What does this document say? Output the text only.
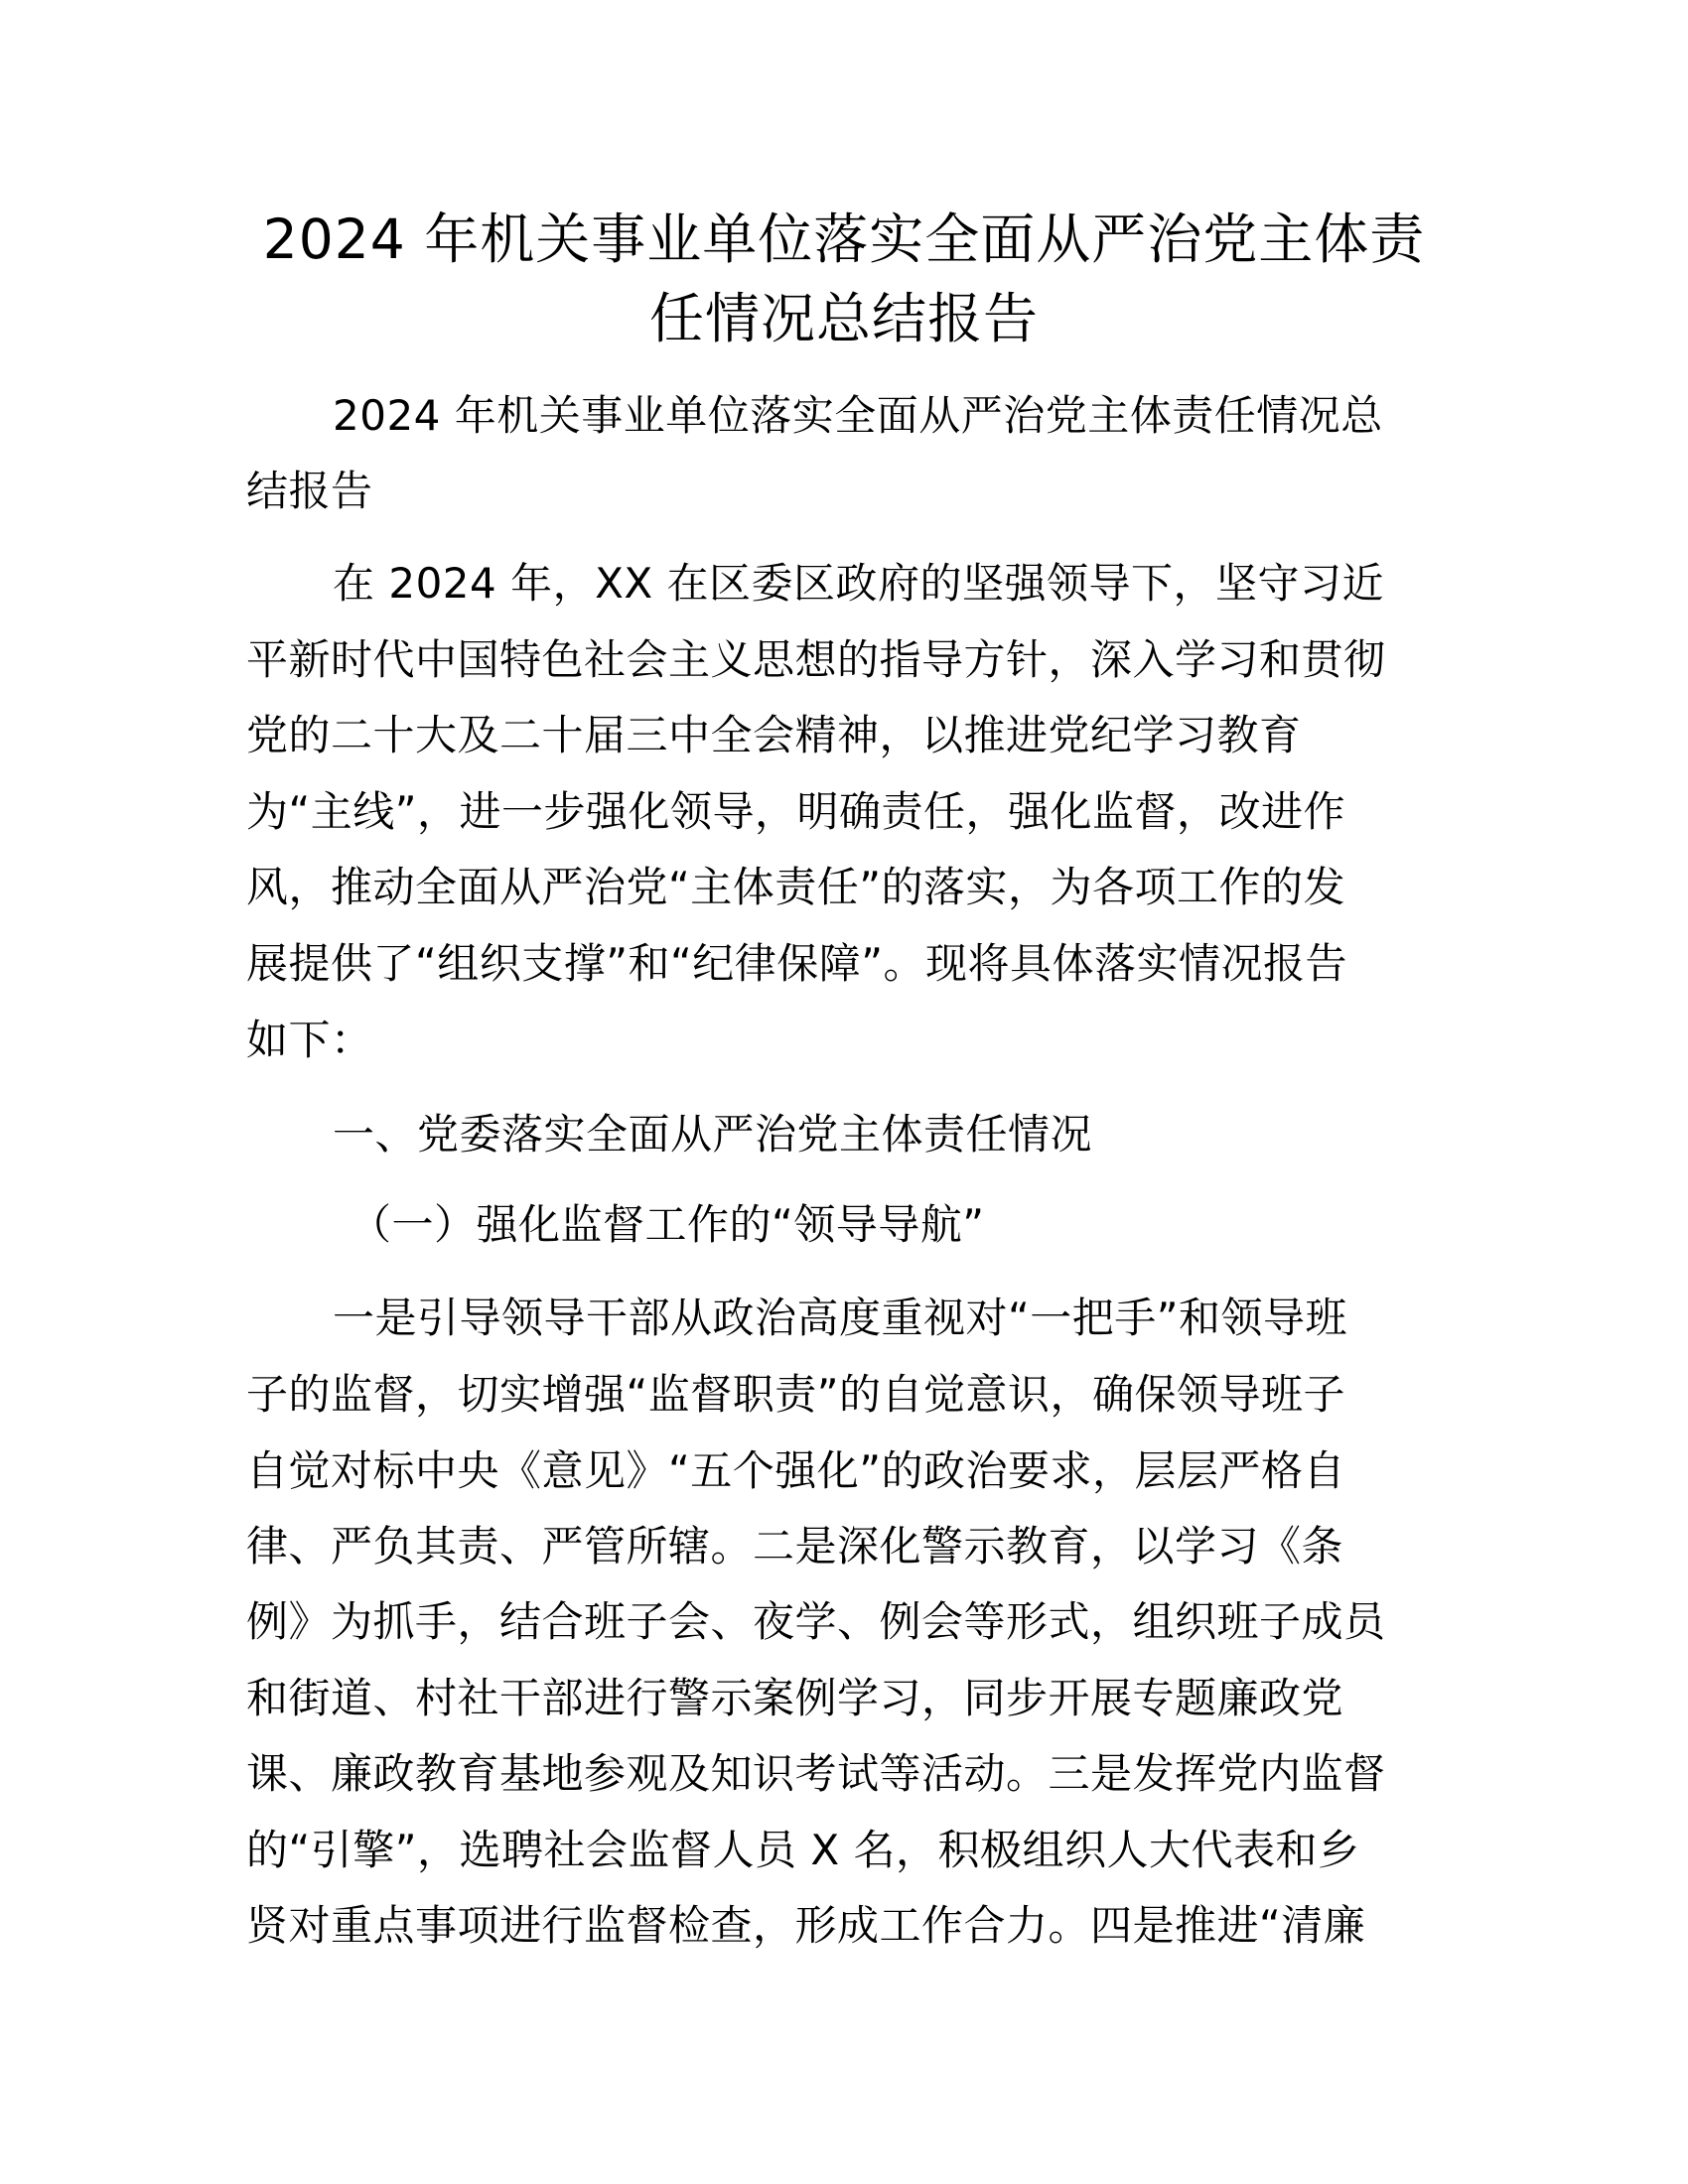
2024 年机关事业单位落实全面从严治党主体责
任情况总结报告
2024 年机关事业单位落实全面从严治党主体责任情况总
结报告
在 2024 年，XX 在区委区政府的坚强领导下，坚守习近
平新时代中国特色社会主义思想的指导方针，深入学习和贯彻
党的二十大及二十届三中全会精神，以推进党纪学习教育
为“主线”，进一步强化领导，明确责任，强化监督，改进作
风，推动全面从严治党“主体责任”的落实，为各项工作的发
展提供了“组织支撑”和“纪律保障”。现将具体落实情况报告
如下：
一、党委落实全面从严治党主体责任情况
（一）强化监督工作的“领导导航”
一是引导领导干部从政治高度重视对“一把手”和领导班
子的监督，切实增强“监督职责”的自觉意识，确保领导班子
自觉对标中央《意见》“五个强化”的政治要求，层层严格自
律、严负其责、严管所辖。二是深化警示教育，以学习《条
例》为抓手，结合班子会、夜学、例会等形式，组织班子成员
和街道、村社干部进行警示案例学习，同步开展专题廉政党
课、廉政教育基地参观及知识考试等活动。三是发挥党内监督
的“引擎”，选聘社会监督人员 X 名，积极组织人大代表和乡
贤对重点事项进行监督检查，形成工作合力。四是推进“清廉
